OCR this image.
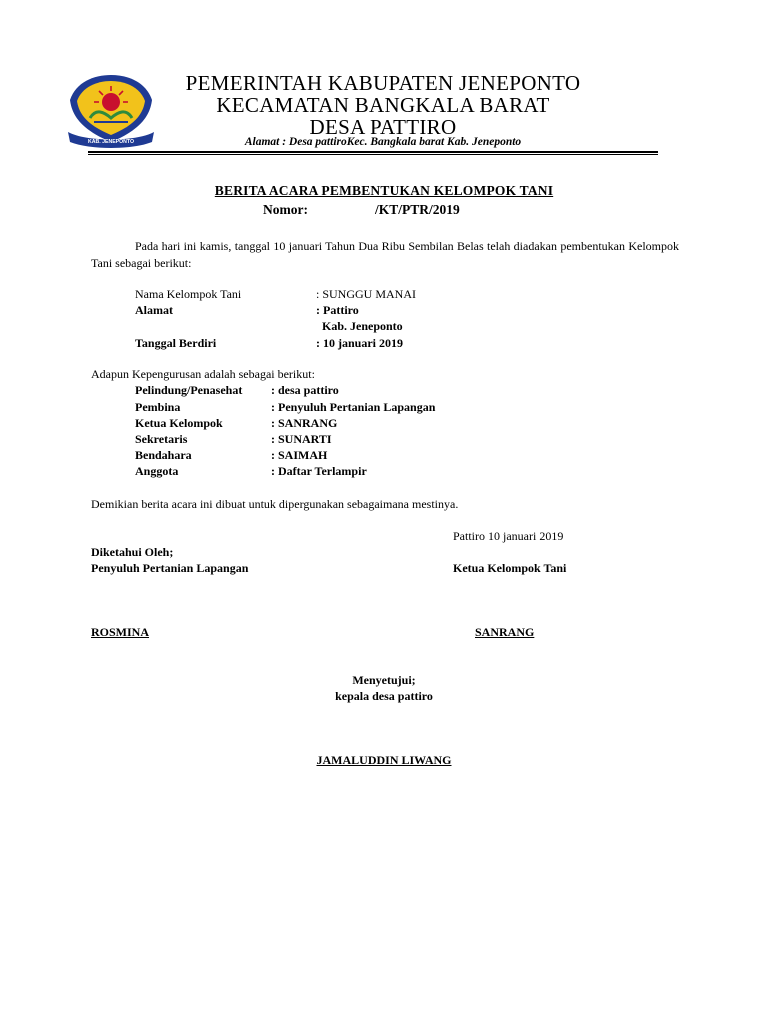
KAB. JENEPONTO
PEMERINTAH KABUPATEN JENEPONTO
KECAMATAN BANGKALA BARAT
DESA PATTIRO
Alamat : Desa pattiroKec. Bangkala barat Kab. Jeneponto
BERITA ACARA PEMBENTUKAN KELOMPOK TANI
Nomor:	/KT/PTR/2019
Pada hari ini kamis, tanggal 10 januari Tahun Dua Ribu Sembilan Belas telah diadakan pembentukan Kelompok Tani sebagai berikut:
Nama Kelompok Tani	: SUNGGU MANAI
Alamat	: Pattiro
Kab. Jeneponto
Tanggal Berdiri	: 10 januari 2019
Adapun Kepengurusan adalah sebagai berikut:
Pelindung/Penasehat : desa pattiro
Pembina	: Penyuluh Pertanian Lapangan
Ketua Kelompok	: SANRANG
Sekretaris	: SUNARTI
Bendahara	: SAIMAH
Anggota	: Daftar Terlampir
Demikian berita acara ini dibuat untuk dipergunakan sebagaimana mestinya.
Pattiro 10 januari 2019
Diketahui Oleh;
Penyuluh Pertanian Lapangan	Ketua Kelompok Tani
ROSMINA	SANRANG
Menyetujui;
kepala desa pattiro
JAMALUDDIN LIWANG
